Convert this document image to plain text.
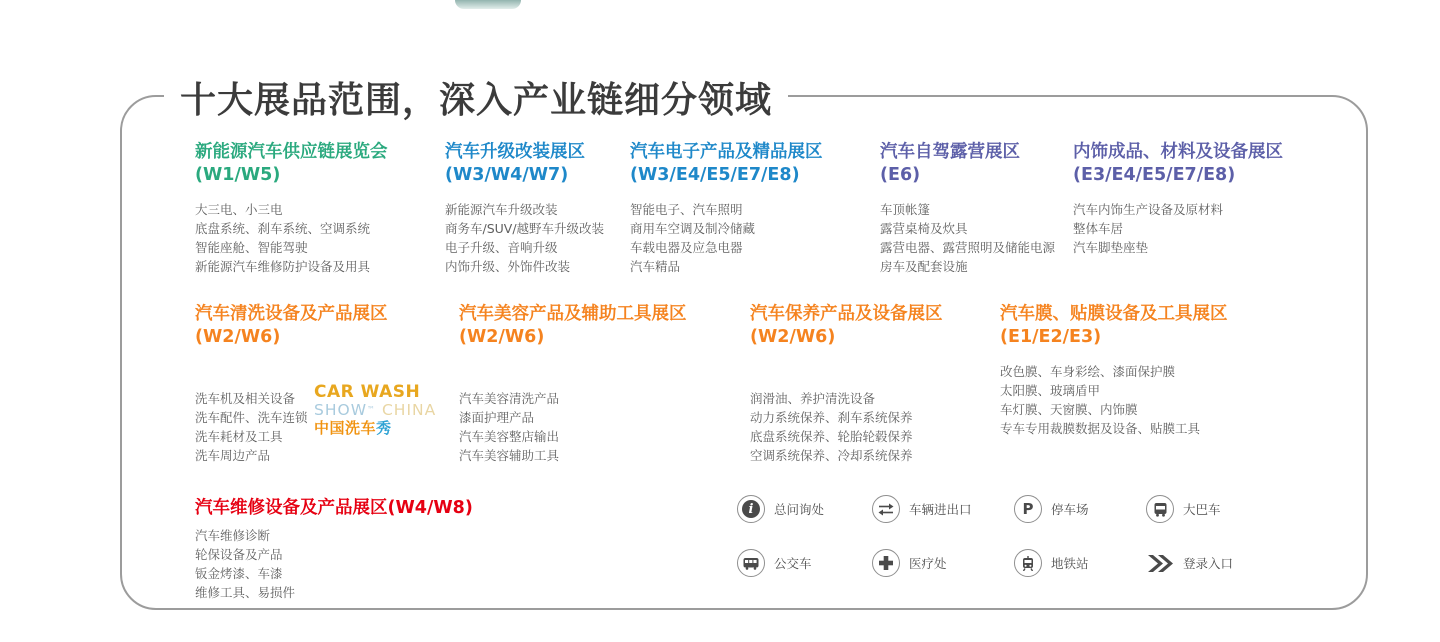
新能源汽车供应链展览会
(W1/W5)
大三电、小三电
底盘系统、刹车系统、空调系统
智能座舱、智能驾驶
新能源汽车维修防护设备及用具
汽车升级改装展区
(W3/W4/W7)
新能源汽车升级改装
商务车/SUV/越野车升级改装
电子升级、音响升级
内饰升级、外饰件改装
汽车电子产品及精品展区
(W3/E4/E5/E7/E8)
智能电子、汽车照明
商用车空调及制冷储藏
车载电器及应急电器
汽车精品
汽车自驾露营展区
(E6)
车顶帐篷
露营桌椅及炊具
露营电器、露营照明及储能电源
房车及配套设施
内饰成品、材料及设备展区
(E3/E4/E5/E7/E8)
汽车内饰生产设备及原材料
整体车居
汽车脚垫座垫
汽车清洗设备及产品展区
(W2/W6)
洗车机及相关设备
洗车配件、洗车连锁
洗车耗材及工具
洗车周边产品
汽车美容产品及辅助工具展区
(W2/W6)
汽车美容清洗产品
漆面护理产品
汽车美容整店输出
汽车美容辅助工具
汽车保养产品及设备展区
(W2/W6)
润滑油、养护清洗设备
动力系统保养、刹车系统保养
底盘系统保养、轮胎轮毂保养
空调系统保养、冷却系统保养
汽车膜、贴膜设备及工具展区
(E1/E2/E3)
改色膜、车身彩绘、漆面保护膜
太阳膜、玻璃盾甲
车灯膜、天窗膜、内饰膜
专车专用裁膜数据及设备、贴膜工具
CAR WASH
SHOW™ CHINA
中国洗车秀
汽车维修设备及产品展区(W4/W8)
汽车维修诊断
轮保设备及产品
钣金烤漆、车漆
维修工具、易损件
i	总问询处	车辆进出口	P 停车场	大巴车
公交车	医疗处	地铁站	登录入口
十大展品范围，深入产业链细分领域
